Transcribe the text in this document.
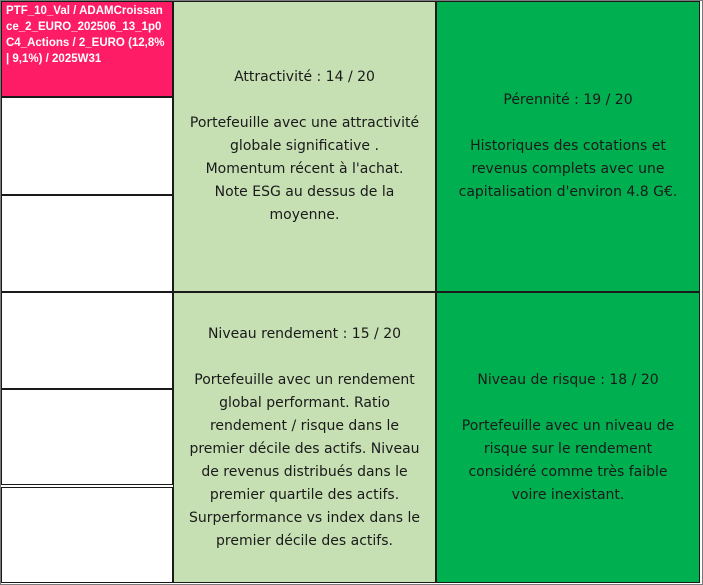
PTF_10_Val / ADAMCroissance_2_EURO_202506_13_1p0 C4_Actions / 2_EURO (12,8% | 9,1%) / 2025W31
Attractivité : 14 / 20
Portefeuille avec une attractivité
globale significative .
Momentum récent à l'achat.
Note ESG au dessus de la
moyenne.
Pérennité : 19 / 20
Historiques des cotations et
revenus complets avec une
capitalisation d'environ 4.8 G€.
Niveau rendement : 15 / 20
Portefeuille avec un rendement
global performant. Ratio
rendement / risque dans le
premier décile des actifs. Niveau
de revenus distribués dans le
premier quartile des actifs.
Surperformance vs index dans le
premier décile des actifs.
Niveau de risque : 18 / 20
Portefeuille avec un niveau de
risque sur le rendement
considéré comme très faible
voire inexistant.
